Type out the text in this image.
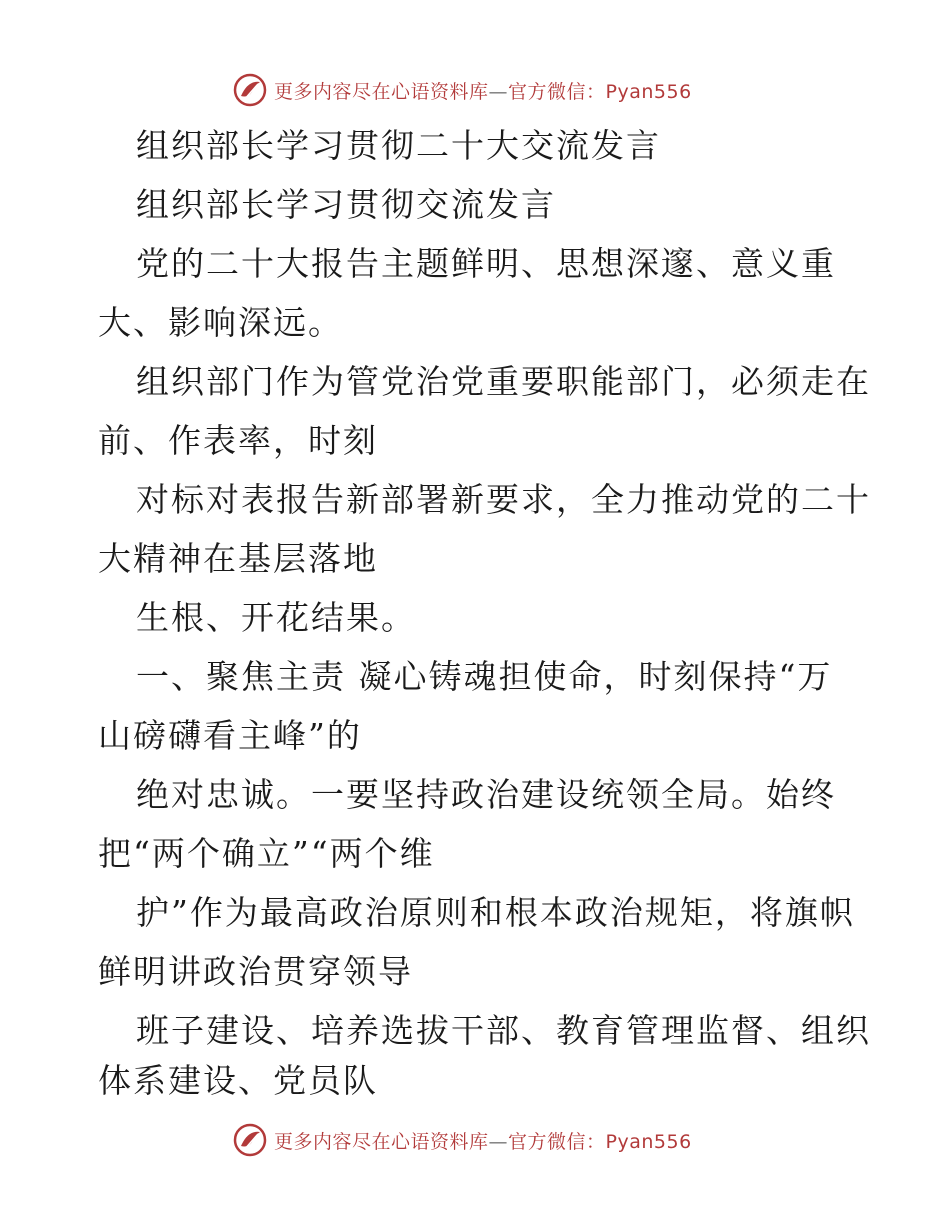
更多内容尽在心语资料库—官方微信：Pyan556
组织部长学习贯彻二十大交流发言
组织部长学习贯彻交流发言
党的二十大报告主题鲜明、思想深邃、意义重
大、影响深远。
组织部门作为管党治党重要职能部门，必须走在
前、作表率，时刻
对标对表报告新部署新要求，全力推动党的二十
大精神在基层落地
生根、开花结果。
一、聚焦主责 凝心铸魂担使命，时刻保持“万
山磅礴看主峰”的
绝对忠诚。一要坚持政治建设统领全局。始终
把“两个确立”“两个维
护”作为最高政治原则和根本政治规矩，将旗帜
鲜明讲政治贯穿领导
班子建设、培养选拔干部、教育管理监督、组织
体系建设、党员队
更多内容尽在心语资料库—官方微信：Pyan556
